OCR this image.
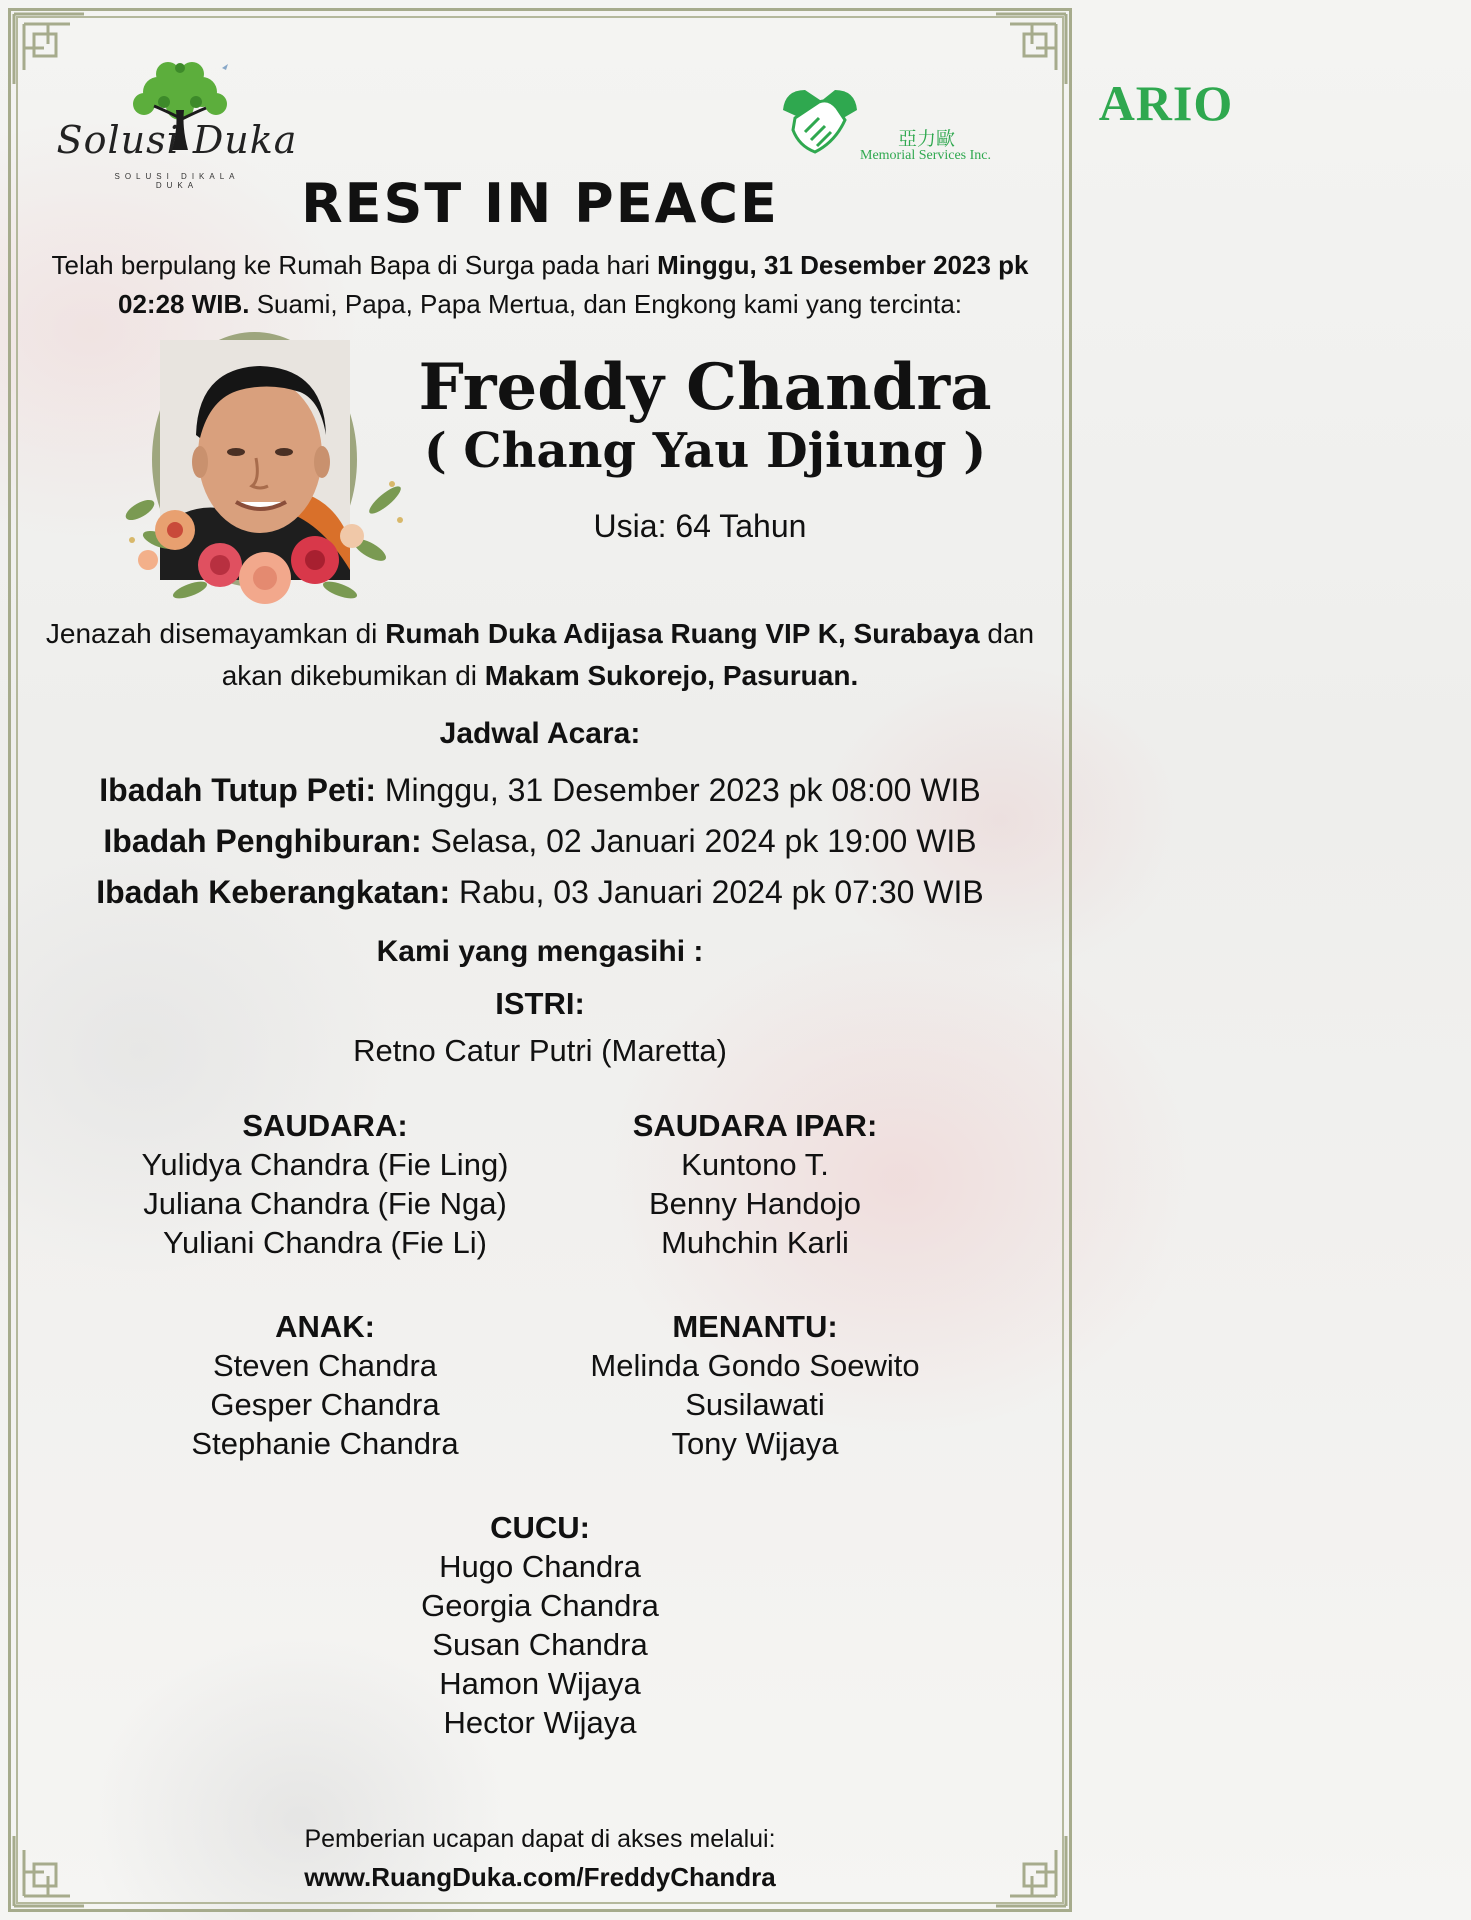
Solusi Duka
SOLUSI DIKALA DUKA
ARIO
亞力歐
Memorial Services Inc.
REST IN PEACE
Telah berpulang ke Rumah Bapa di Surga pada hari Minggu, 31 Desember 2023 pk 02:28 WIB. Suami, Papa, Papa Mertua, dan Engkong kami yang tercinta:
Freddy Chandra
( Chang Yau Djiung )
Usia: 64 Tahun
Jenazah disemayamkan di Rumah Duka Adijasa Ruang VIP K, Surabaya dan akan dikebumikan di Makam Sukorejo, Pasuruan.
Jadwal Acara:
Ibadah Tutup Peti: Minggu, 31 Desember 2023 pk 08:00 WIB
Ibadah Penghiburan: Selasa, 02 Januari 2024 pk 19:00 WIB
Ibadah Keberangkatan: Rabu, 03 Januari 2024 pk 07:30 WIB
Kami yang mengasihi :
ISTRI:
Retno Catur Putri (Maretta)
SAUDARA:
Yulidya Chandra (Fie Ling)
Juliana Chandra (Fie Nga)
Yuliani Chandra (Fie Li)
SAUDARA IPAR:
Kuntono T.
Benny Handojo
Muhchin Karli
ANAK:
Steven Chandra
Gesper Chandra
Stephanie Chandra
MENANTU:
Melinda Gondo Soewito
Susilawati
Tony Wijaya
CUCU:
Hugo Chandra
Georgia Chandra
Susan Chandra
Hamon Wijaya
Hector Wijaya
Pemberian ucapan dapat di akses melalui:
www.RuangDuka.com/FreddyChandra
